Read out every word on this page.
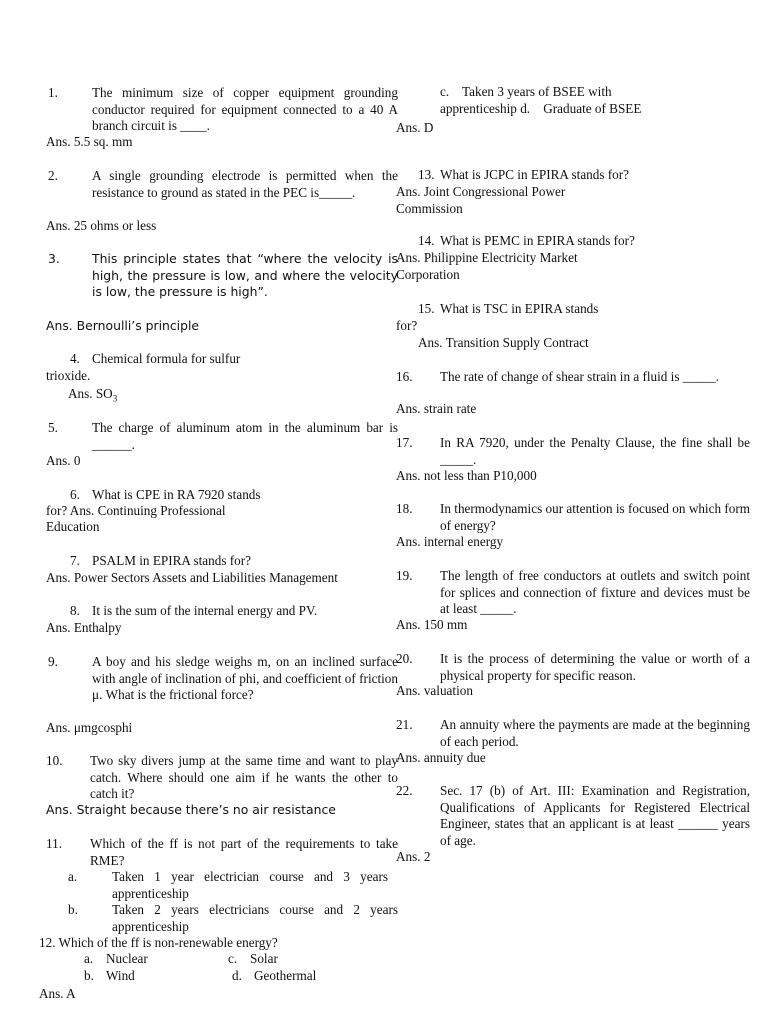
1.	The minimum size of copper equipment grounding conductor required for equipment connected to a 40 A branch circuit is ____.
Ans. 5.5 sq. mm
2.	A single grounding electrode is permitted when the resistance to ground as stated in the PEC is_____.
Ans. 25 ohms or less
3.	This principle states that “where the velocity is high, the pressure is low, and where the velocity is low, the pressure is high”.
Ans. Bernoulli’s principle
4. Chemical formula for sulfur
trioxide.
Ans. $SO_3$
5.	The charge of aluminum atom in the aluminum bar is ______.
Ans. 0
6. What is CPE in RA 7920 stands
for? Ans. Continuing Professional
Education
7. PSALM in EPIRA stands for?
Ans. Power Sectors Assets and Liabilities Management
8. It is the sum of the internal energy and PV.
Ans. Enthalpy
9.	A boy and his sledge weighs m, on an inclined surface with angle of inclination of phi, and coefficient of friction μ. What is the frictional force?
Ans. μmgcosphi
10. Two sky divers jump at the same time and want to play catch. Where should one aim if he wants the other to catch it?
Ans. Straight because there’s no air resistance
11. Which of the ff is not part of the requirements to take RME?
a.	Taken 1 year electrician course and 3 years apprenticeship
b.	Taken 2 years electricians course and 2 years apprenticeship
12. Which of the ff is non-renewable energy?
a. Nuclear	c. Solar
b. Wind	d. Geothermal
Ans. A
c. Taken 3 years of BSEE with
apprenticeship d.    Graduate of BSEE
Ans. D
13. What is JCPC in EPIRA stands for?
Ans. Joint Congressional Power
Commission
14. What is PEMC in EPIRA stands for?
Ans. Philippine Electricity Market
Corporation
15. What is TSC in EPIRA stands
for?
Ans. Transition Supply Contract
16. The rate of change of shear strain in a fluid is _____.
Ans. strain rate
17. In RA 7920, under the Penalty Clause, the fine shall be _____.
Ans. not less than P10,000
18. In thermodynamics our attention is focused on which form of energy?
Ans. internal energy
19. The length of free conductors at outlets and switch point for splices and connection of fixture and devices must be at least _____.
Ans. 150 mm
20. It is the process of determining the value or worth of a physical property for specific reason.
Ans. valuation
21. An annuity where the payments are made at the beginning of each period.
Ans. annuity due
22. Sec. 17 (b) of Art. III: Examination and Registration, Qualifications of Applicants for Registered Electrical Engineer, states that an applicant is at least ______ years of age.
Ans. 2
